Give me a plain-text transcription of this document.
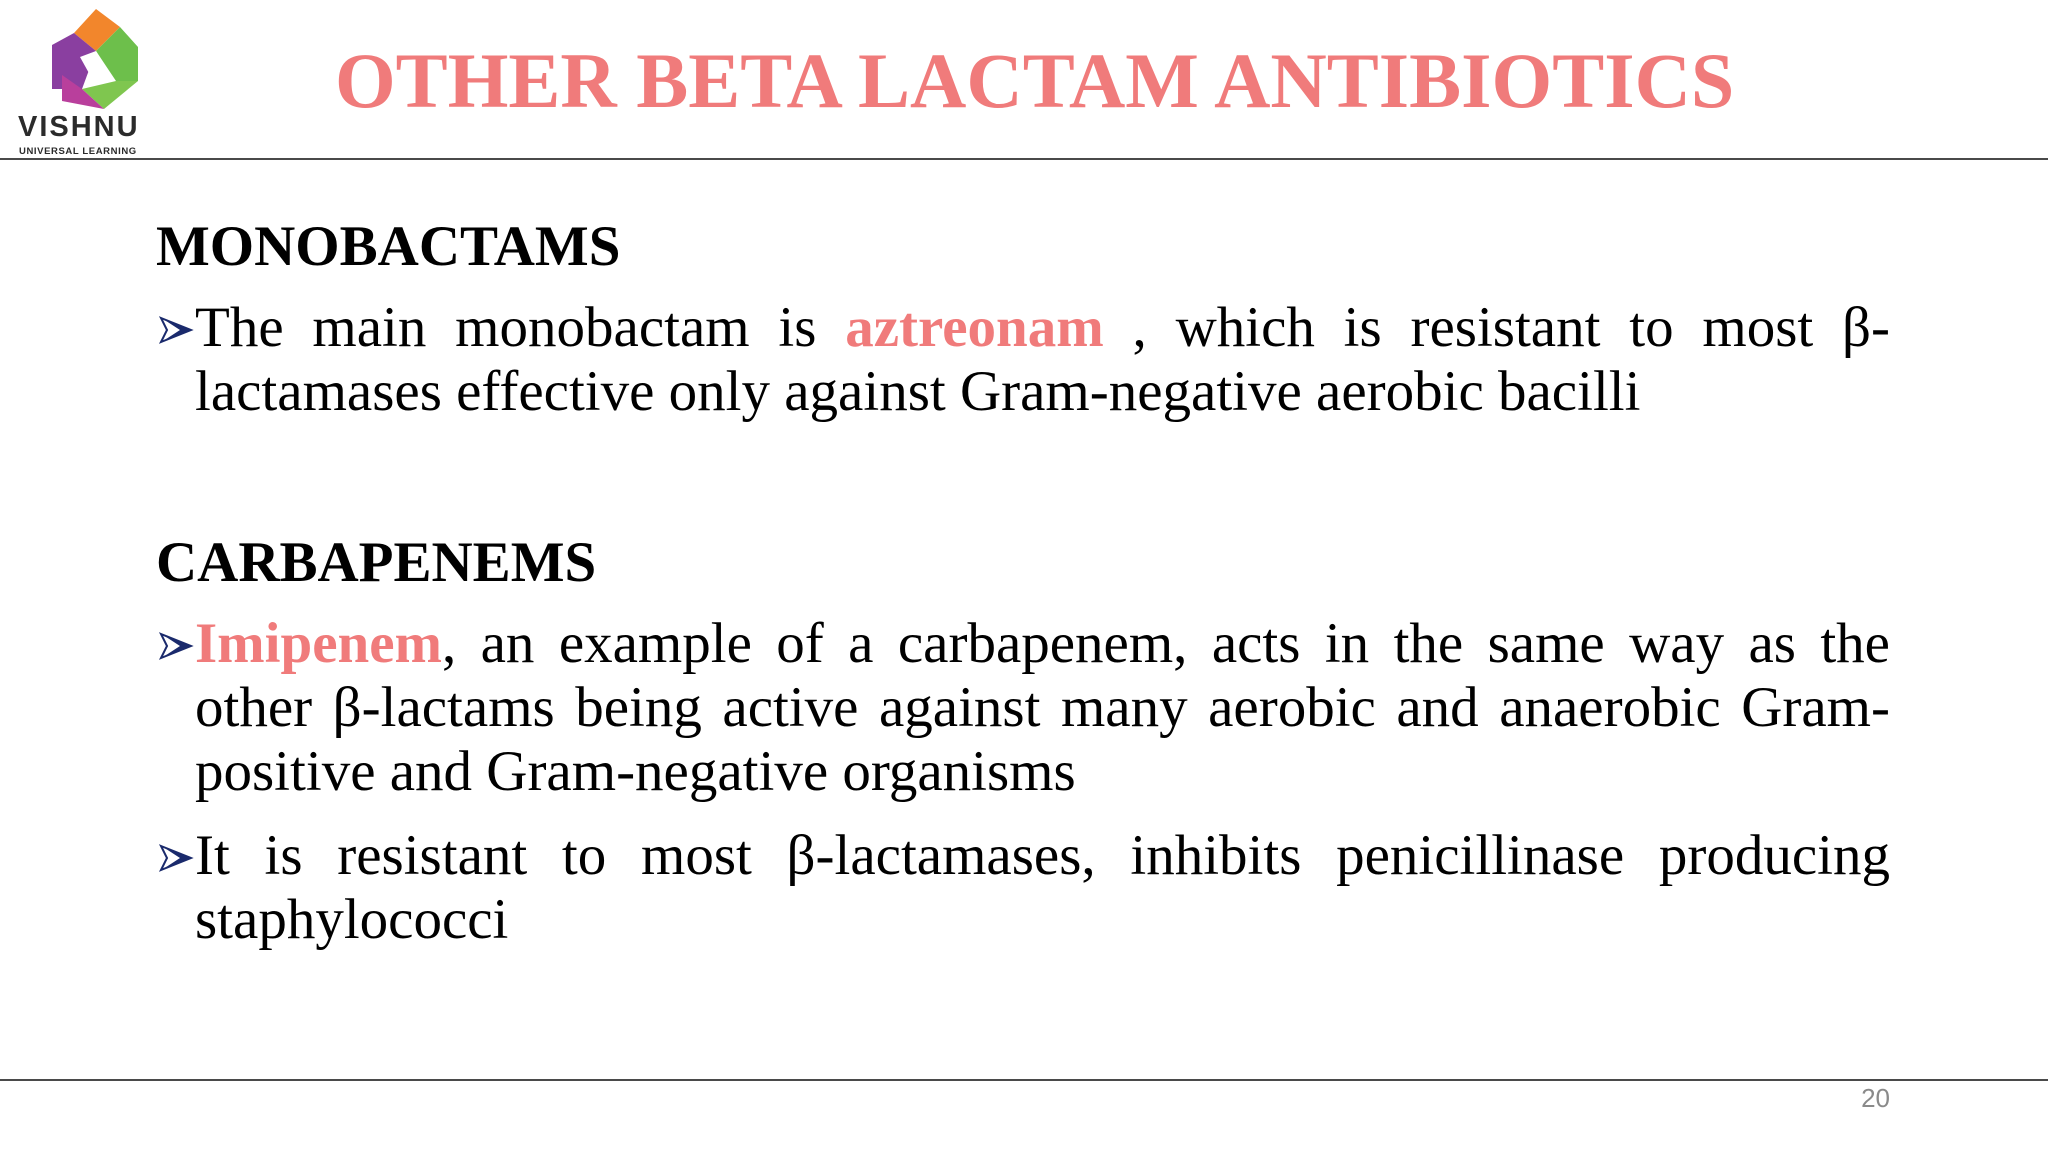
VISHNU
UNIVERSAL LEARNING
OTHER BETA LACTAM ANTIBIOTICS
MONOBACTAMS
The main monobactam is aztreonam , which is resistant to most β-lactamases effective only against Gram-negative aerobic bacilli
CARBAPENEMS
Imipenem, an example of a carbapenem, acts in the same way as the other β-lactams being active against many aerobic and anaerobic Gram-positive and Gram-negative organisms
It is resistant to most β-lactamases, inhibits penicillinase producing staphylococci
20
